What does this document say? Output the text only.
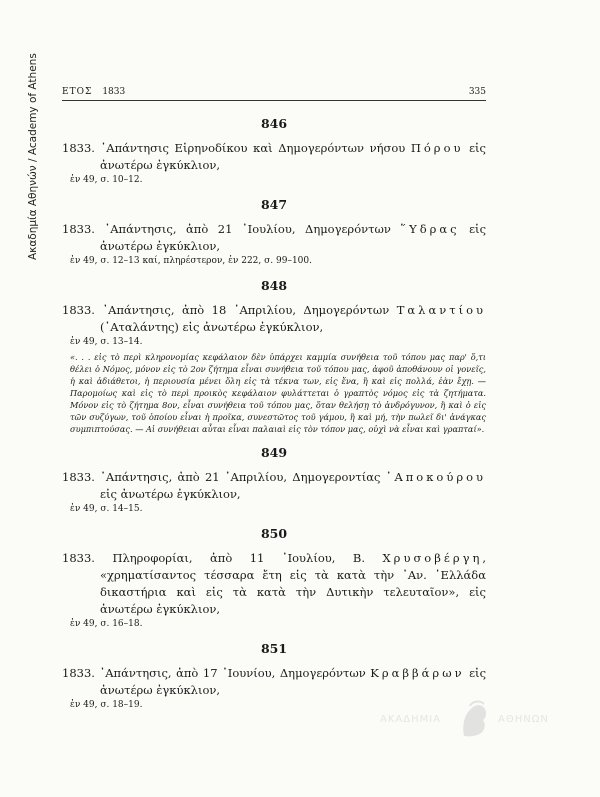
Ακαδημία Αθηνών / Academy of Athens	ΕΤΟΣ 1833	335
846
1833. ᾿Απάντησις Εἰρηνοδίκου καὶ Δημογερόντων νήσου Πόρου εἰς ἀνωτέρω ἐγκύκλιον,
ἐν 49, σ. 10–12.
847
1833. ᾿Απάντησις, ἀπὸ 21 ᾿Ιουλίου, Δημογερόντων ῞Υδρας εἰς ἀνωτέρω ἐγκύκλιον,
ἐν 49, σ. 12–13 καί, πληρέστερον, ἐν 222, σ. 99–100.
848
1833. ᾿Απάντησις, ἀπὸ 18 ᾿Απριλίου, Δημογερόντων Ταλαντίου (᾿Αταλάντης) εἰς ἀνωτέρω ἐγκύκλιον,
ἐν 49, σ. 13–14.
«. . . εἰς τὸ περὶ κληρονομίας κεφάλαιον δὲν ὑπάρχει καμμία συνήθεια τοῦ τόπου μας παρ' ὅ,τι θέλει ὁ Νόμος, μόνον εἰς τὸ 2ον ζήτημα εἶναι συνήθεια τοῦ τόπου μας, ἀφοῦ ἀποθάνουν οἱ γονεῖς, ἡ καὶ ἀδιάθετοι, ἡ περιουσία μένει ὅλη εἰς τὰ τέκνα των, εἰς ἕνα, ἢ καὶ εἰς πολλά, ἐὰν ἔχῃ. — Παρομοίως καὶ εἰς τὸ περὶ προικὸς κεφάλαιον φυλάττεται ὁ γραπτὸς νόμος εἰς τὰ ζητήματα. Μόνον εἰς τὸ ζήτημα 8ον, εἶναι συνήθεια τοῦ τόπου μας, ὅταν θελήσῃ τὸ ἀνδρόγυνον, ἢ καὶ ὁ εἰς τῶν συζύγων, τοῦ ὁποίου εἶναι ἡ προῖκα, συνεστῶτος τοῦ γάμου, ἢ καὶ μή, τὴν πωλεῖ δι' ἀνάγκας συμπιπτούσας. — Αἱ συνήθειαι αὗται εἶναι παλαιαὶ εἰς τὸν τόπον μας, οὐχὶ νὰ εἶναι καὶ γραπταί».
849
1833. ᾿Απάντησις, ἀπὸ 21 ᾿Απριλίου, Δημογεροντίας ᾿Αποκούρου εἰς ἀνωτέρω ἐγκύκλιον,
ἐν 49, σ. 14–15.
850
1833. Πληροφορίαι, ἀπὸ 11 ᾿Ιουλίου, Β. Χρυσοβέργη, «χρηματίσαντος τέσσαρα ἔτη εἰς τὰ κατὰ τὴν ᾿Αν. ῾Ελλάδα δικαστήρια καὶ εἰς τὰ κατὰ τὴν Δυτικὴν τελευταῖον», εἰς ἀνωτέρω ἐγκύκλιον,
ἐν 49, σ. 16–18.
851
1833. ᾿Απάντησις, ἀπὸ 17 ᾿Ιουνίου, Δημογερόντων Κραββάρων εἰς ἀνωτέρω ἐγκύκλιον,
ἐν 49, σ. 18–19.
ΑΚΑΔΗΜΙΑ	ΑΘΗΝΩΝ
